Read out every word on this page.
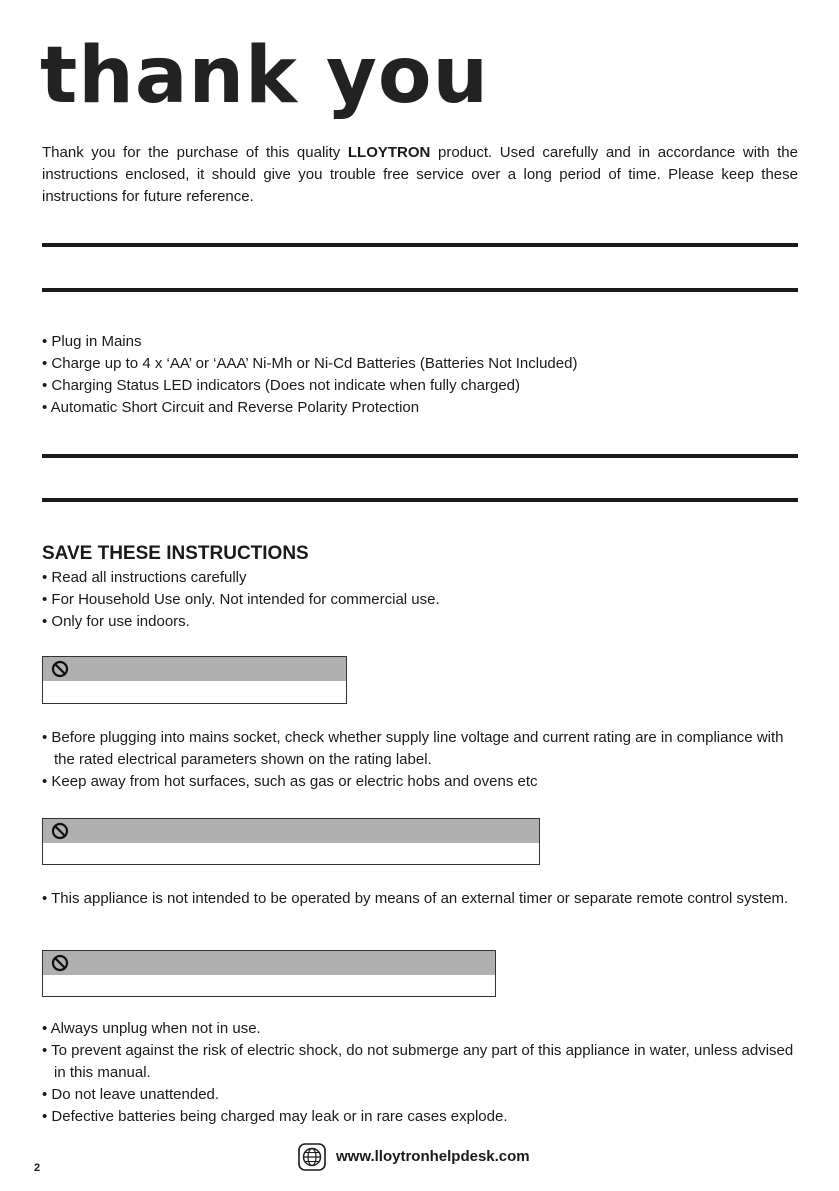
thank you

Thank you for the purchase of this quality LLOYTRON product. Used carefully and in accordance with the instructions enclosed, it should give you trouble free service over a long period of time. Please keep these instructions for future reference.

• Plug in Mains
• Charge up to 4 x ‘AA’ or ‘AAA’ Ni-Mh or Ni-Cd Batteries (Batteries Not Included)
• Charging Status LED indicators (Does not indicate when fully charged)
• Automatic Short Circuit and Reverse Polarity Protection
SAVE THESE INSTRUCTIONS
• Read all instructions carefully
• For Household Use only. Not intended for commercial use.
• Only for use indoors.
• Before plugging into mains socket, check whether supply line voltage and current rating are in compliance with the rated electrical parameters shown on the rating label.
• Keep away from hot surfaces, such as gas or electric hobs and ovens etc
• This appliance is not intended to be operated by means of an external timer or separate remote control system.
• Always unplug when not in use.
• To prevent against the risk of electric shock, do not submerge any part of this appliance in water, unless advised in this manual.
• Do not leave unattended.
• Defective batteries being charged may leak or in rare cases explode.
www.lloytronhelpdesk.com
2
